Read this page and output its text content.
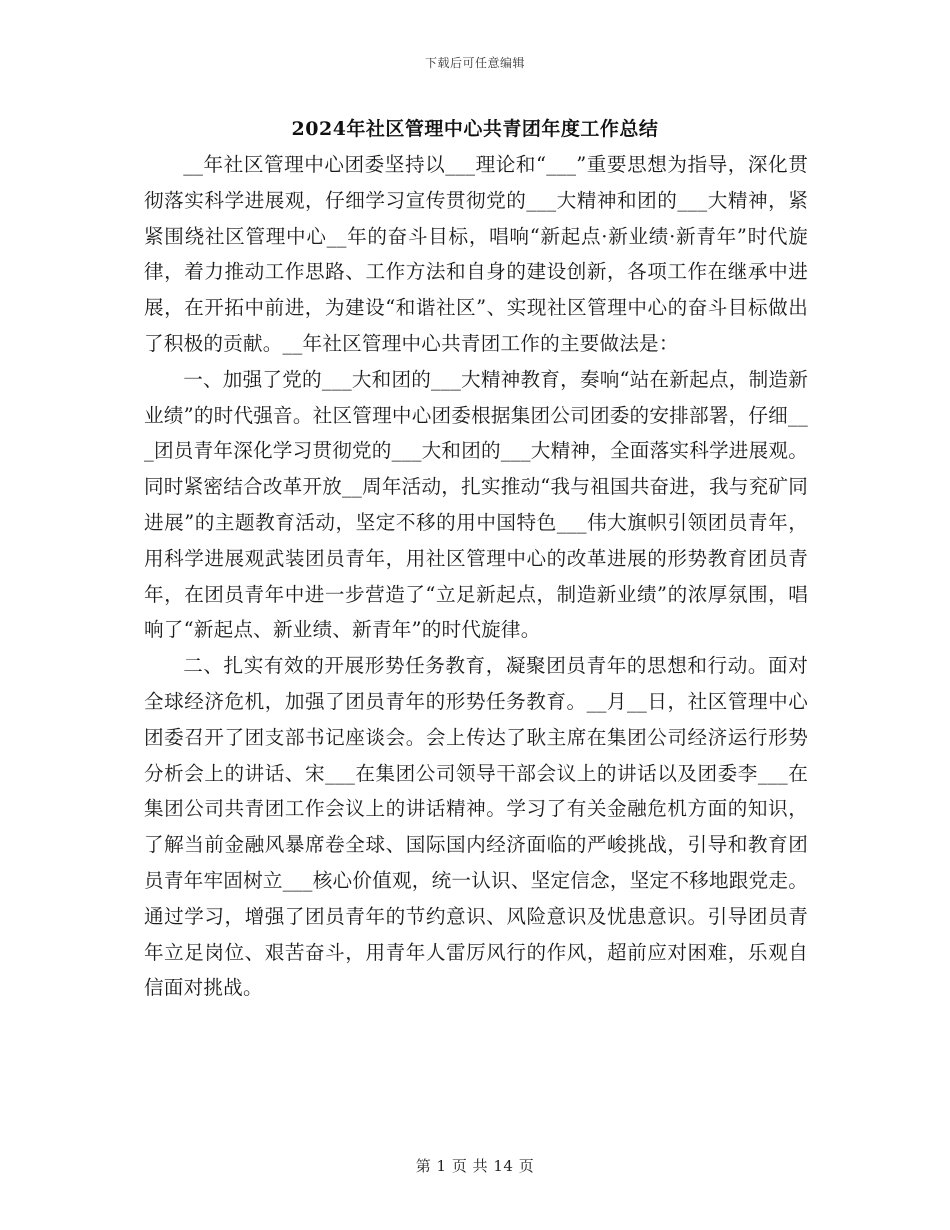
下载后可任意编辑
2024年社区管理中心共青团年度工作总结

__年社区管理中心团委坚持以___理论和“___”重要思想为指导，深化贯彻落实科学进展观，仔细学习宣传贯彻党的___大精神和团的___大精神，紧紧围绕社区管理中心__年的奋斗目标，唱响“新起点·新业绩·新青年”时代旋律，着力推动工作思路、工作方法和自身的建设创新，各项工作在继承中进展，在开拓中前进，为建设“和谐社区”、实现社区管理中心的奋斗目标做出了积极的贡献。__年社区管理中心共青团工作的主要做法是：

一、加强了党的___大和团的___大精神教育，奏响“站在新起点，制造新业绩”的时代强音。社区管理中心团委根据集团公司团委的安排部署，仔细___团员青年深化学习贯彻党的___大和团的___大精神，全面落实科学进展观。同时紧密结合改革开放__周年活动，扎实推动“我与祖国共奋进，我与兖矿同进展”的主题教育活动，坚定不移的用中国特色___伟大旗帜引领团员青年，用科学进展观武装团员青年，用社区管理中心的改革进展的形势教育团员青年，在团员青年中进一步营造了“立足新起点，制造新业绩”的浓厚氛围，唱响了“新起点、新业绩、新青年”的时代旋律。

二、扎实有效的开展形势任务教育，凝聚团员青年的思想和行动。面对全球经济危机，加强了团员青年的形势任务教育。__月__日，社区管理中心团委召开了团支部书记座谈会。会上传达了耿主席在集团公司经济运行形势分析会上的讲话、宋___在集团公司领导干部会议上的讲话以及团委李___在集团公司共青团工作会议上的讲话精神。学习了有关金融危机方面的知识，了解当前金融风暴席卷全球、国际国内经济面临的严峻挑战，引导和教育团员青年牢固树立___核心价值观，统一认识、坚定信念，坚定不移地跟党走。通过学习，增强了团员青年的节约意识、风险意识及忧患意识。引导团员青年立足岗位、艰苦奋斗，用青年人雷厉风行的作风，超前应对困难，乐观自信面对挑战。

第 1 页 共 14 页
